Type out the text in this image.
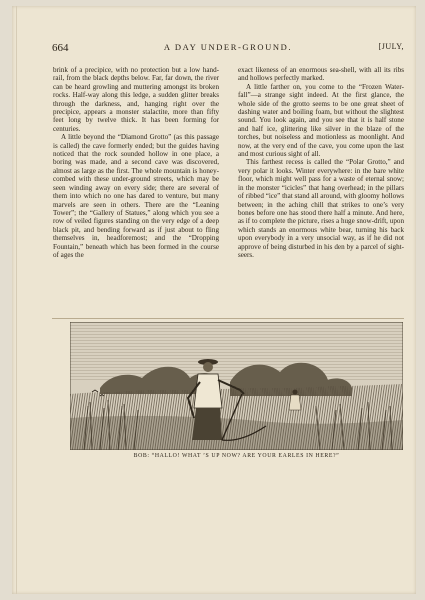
664	A DAY UNDER-GROUND.	[JULY,

brink of a precipice, with no protection but a low hand-rail, from the black depths below. Far, far down, the river can be heard growling and muttering amongst its broken rocks. Half-way along this ledge, a sudden glitter breaks through the darkness, and, hanging right over the precipice, appears a monster stalactite, more than fifty feet long by twelve thick. It has been forming for centuries.

A little beyond the “Diamond Grotto” (as this passage is called) the cave formerly ended; but the guides having noticed that the rock sounded hollow in one place, a boring was made, and a second cave was discovered, almost as large as the first. The whole mountain is honey-combed with these under-ground streets, which may be seen winding away on every side; there are several of them into which no one has dared to venture, but many marvels are seen in others. There are the “Leaning Tower”; the “Gallery of Statues,” along which you see a row of veiled figures standing on the very edge of a deep black pit, and bending forward as if just about to fling themselves in, headforemost; and the “Dropping Fountain,” beneath which has been formed in the course of ages the

exact likeness of an enormous sea-shell, with all its ribs and hollows perfectly marked.

A little farther on, you come to the “Frozen Water-fall”—a strange sight indeed. At the first glance, the whole side of the grotto seems to be one great sheet of dashing water and boiling foam, but without the slightest sound. You look again, and you see that it is half stone and half ice, glittering like silver in the blaze of the torches, but noiseless and motionless as moonlight. And now, at the very end of the cave, you come upon the last and most curious sight of all.

This farthest recess is called the “Polar Grotto,” and very polar it looks. Winter everywhere: in the bare white floor, which might well pass for a waste of eternal snow; in the monster “icicles” that hang overhead; in the pillars of ribbed “ice” that stand all around, with gloomy hollows between; in the aching chill that strikes to one’s very bones before one has stood there half a minute. And here, as if to complete the picture, rises a huge snow-drift, upon which stands an enormous white bear, turning his back upon everybody in a very unsocial way, as if he did not approve of being disturbed in his den by a parcel of sight-seers.

BOB: “HALLO! WHAT ’S UP NOW? ARE YOUR EARLES IN HERE?”
